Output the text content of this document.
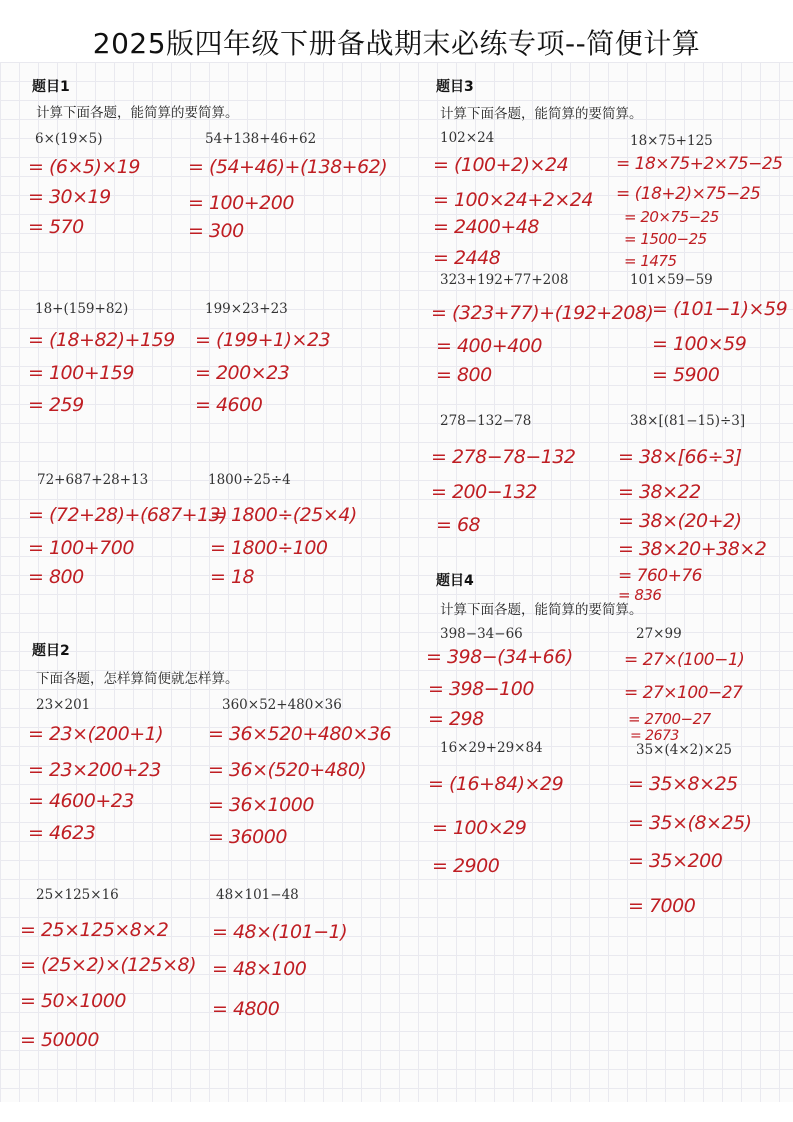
2025版四年级下册备战期末必练专项--简便计算
题目1
计算下面各题，能简算的要简算。
6×(19×5)
= (6×5)×19
= 30×19
= 570
54+138+46+62
= (54+46)+(138+62)
= 100+200
= 300
18+(159+82)
= (18+82)+159
= 100+159
= 259
199×23+23
= (199+1)×23
= 200×23
= 4600
72+687+28+13
= (72+28)+(687+13)
= 100+700
= 800
1800÷25÷4
= 1800÷(25×4)
= 1800÷100
= 18
题目2
下面各题，怎样算简便就怎样算。
23×201
= 23×(200+1)
= 23×200+23
= 4600+23
= 4623
360×52+480×36
= 36×520+480×36
= 36×(520+480)
= 36×1000
= 36000
25×125×16
= 25×125×8×2
= (25×2)×(125×8)
= 50×1000
= 50000
48×101−48
= 48×(101−1)
= 48×100
= 4800
题目3
计算下面各题，能简算的要简算。
102×24
= (100+2)×24
= 100×24+2×24
= 2400+48
= 2448
18×75+125
= 18×75+2×75−25
= (18+2)×75−25
= 20×75−25
= 1500−25
= 1475
323+192+77+208
= (323+77)+(192+208)
= 400+400
= 800
101×59−59
= (101−1)×59
= 100×59
= 5900
278−132−78
= 278−78−132
= 200−132
= 68
38×[(81−15)÷3]
= 38×[66÷3]
= 38×22
= 38×(20+2)
= 38×20+38×2
= 760+76
= 836
题目4
计算下面各题，能简算的要简算。
398−34−66
= 398−(34+66)
= 398−100
= 298
27×99
= 27×(100−1)
= 27×100−27
= 2700−27
= 2673
16×29+29×84
= (16+84)×29
= 100×29
= 2900
35×(4×2)×25
= 35×8×25
= 35×(8×25)
= 35×200
= 7000
